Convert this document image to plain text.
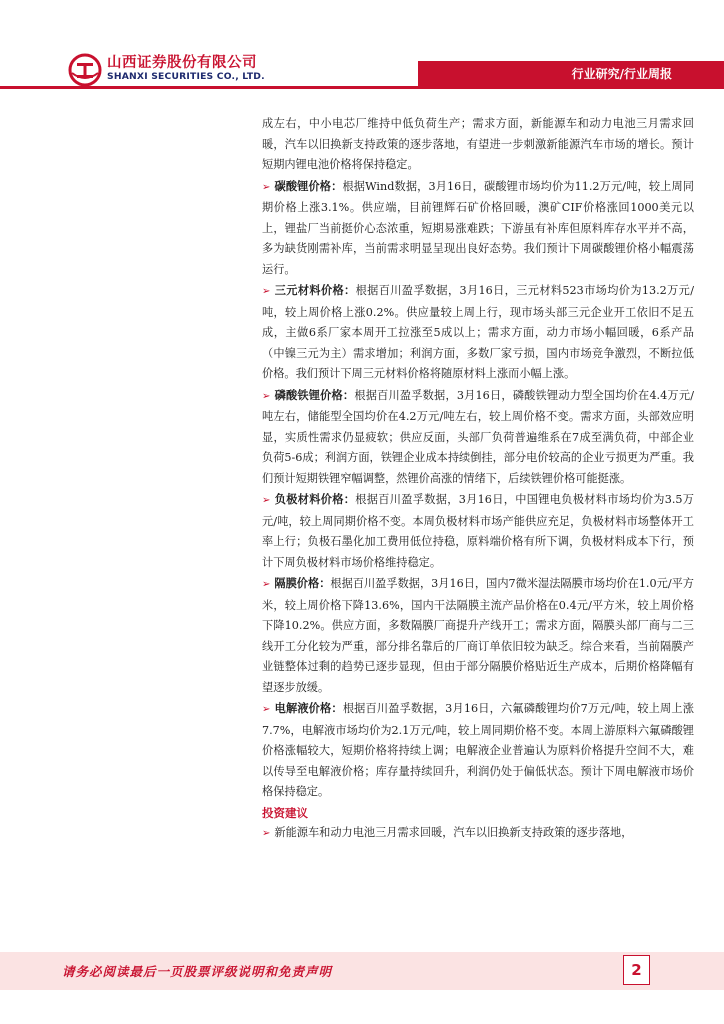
山西证券股份有限公司
SHANXI SECURITIES CO., LTD.	行业研究/行业周报

成左右，中小电芯厂维持中低负荷生产；需求方面，新能源车和动力电池三月需求回暖，汽车以旧换新支持政策的逐步落地，有望进一步刺激新能源汽车市场的增长。预计短期内锂电池价格将保持稳定。

➢ 碳酸锂价格：根据Wind数据，3月16日，碳酸锂市场均价为11.2万元/吨，较上周同期价格上涨3.1%。供应端，目前锂辉石矿价格回暖，澳矿CIF价格涨回1000美元以上，锂盐厂当前挺价心态浓重，短期易涨难跌；下游虽有补库但原料库存水平并不高，多为缺货刚需补库，当前需求明显呈现出良好态势。我们预计下周碳酸锂价格小幅震荡运行。

➢ 三元材料价格：根据百川盈孚数据，3月16日，三元材料523市场均价为13.2万元/吨，较上周价格上涨0.2%。供应量较上周上行，现市场头部三元企业开工依旧不足五成，主做6系厂家本周开工拉涨至5成以上；需求方面，动力市场小幅回暖，6系产品（中镍三元为主）需求增加；利润方面，多数厂家亏损，国内市场竞争激烈，不断拉低价格。我们预计下周三元材料价格将随原材料上涨而小幅上涨。

➢ 磷酸铁锂价格：根据百川盈孚数据，3月16日，磷酸铁锂动力型全国均价在4.4万元/吨左右，储能型全国均价在4.2万元/吨左右，较上周价格不变。需求方面，头部效应明显，实质性需求仍显疲软；供应反面，头部厂负荷普遍维系在7成至满负荷，中部企业负荷5-6成；利润方面，铁锂企业成本持续倒挂，部分电价较高的企业亏损更为严重。我们预计短期铁锂窄幅调整，然锂价高涨的情绪下，后续铁锂价格可能挺涨。

➢ 负极材料价格：根据百川盈孚数据，3月16日，中国锂电负极材料市场均价为3.5万元/吨，较上周同期价格不变。本周负极材料市场产能供应充足，负极材料市场整体开工率上行；负极石墨化加工费用低位持稳，原料端价格有所下调，负极材料成本下行，预计下周负极材料市场价格维持稳定。

➢ 隔膜价格：根据百川盈孚数据，3月16日，国内7微米湿法隔膜市场均价在1.0元/平方米，较上周价格下降13.6%，国内干法隔膜主流产品价格在0.4元/平方米，较上周价格下降10.2%。供应方面，多数隔膜厂商提升产线开工；需求方面，隔膜头部厂商与二三线开工分化较为严重，部分排名靠后的厂商订单依旧较为缺乏。综合来看，当前隔膜产业链整体过剩的趋势已逐步显现，但由于部分隔膜价格贴近生产成本，后期价格降幅有望逐步放缓。

➢ 电解液价格：根据百川盈孚数据，3月16日，六氟磷酸锂均价7万元/吨，较上周上涨7.7%，电解液市场均价为2.1万元/吨，较上周同期价格不变。本周上游原料六氟磷酸锂价格涨幅较大，短期价格将持续上调；电解液企业普遍认为原料价格提升空间不大，难以传导至电解液价格；库存量持续回升，利润仍处于偏低状态。预计下周电解液市场价格保持稳定。

投资建议

➢ 新能源车和动力电池三月需求回暖，汽车以旧换新支持政策的逐步落地，

请务必阅读最后一页股票评级说明和免责声明	2
